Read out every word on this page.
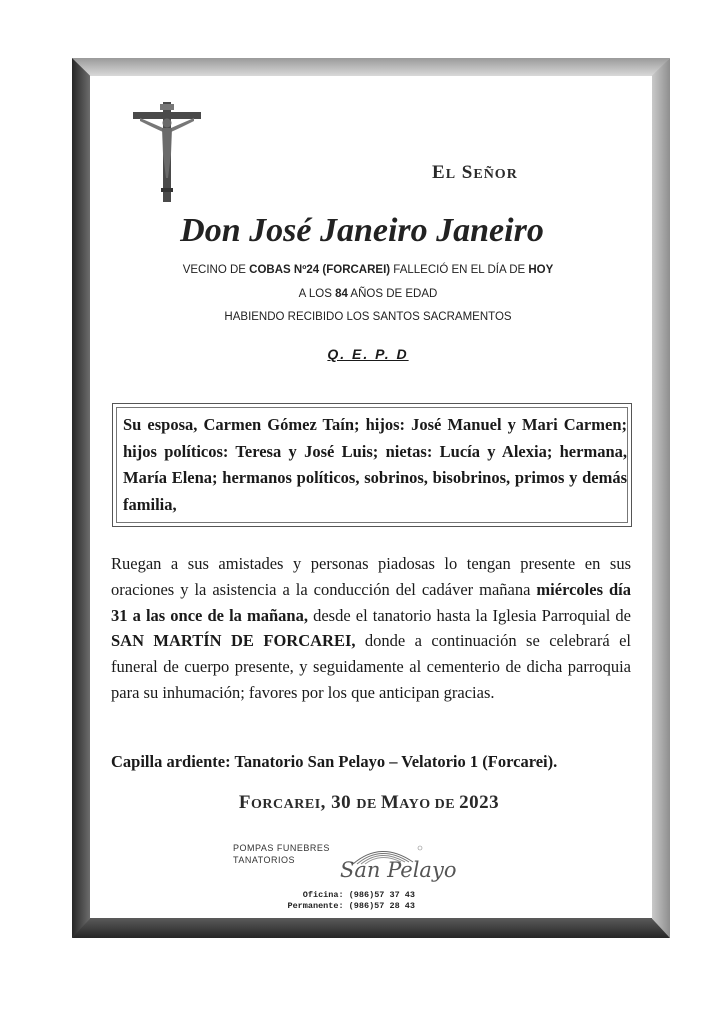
EL SEÑOR
Don José Janeiro Janeiro
VECINO DE COBAS Nº24 (FORCAREI) FALLECIÓ EN EL DÍA DE HOY
A LOS 84 AÑOS DE EDAD
HABIENDO RECIBIDO LOS SANTOS SACRAMENTOS
Q. E. P. D
Su esposa, Carmen Gómez Taín; hijos: José Manuel y Mari Carmen; hijos políticos: Teresa y José Luis; nietas: Lucía y Alexia; hermana, María Elena; hermanos políticos, sobrinos, bisobrinos, primos y demás familia,
Ruegan a sus amistades y personas piadosas lo tengan presente en sus oraciones y la asistencia a la conducción del cadáver mañana miércoles día 31 a las once de la mañana, desde el tanatorio hasta la Iglesia Parroquial de SAN MARTÍN DE FORCAREI, donde a continuación se celebrará el funeral de cuerpo presente, y seguidamente al cementerio de dicha parroquia para su inhumación; favores por los que anticipan gracias.
Capilla ardiente: Tanatorio San Pelayo – Velatorio 1 (Forcarei).
FORCAREI, 30 DE MAYO DE 2023
POMPAS FUNEBRES
TANATORIOS	San Pelayo
Oficina: (986)57 37 43
Permanente: (986)57 28 43
